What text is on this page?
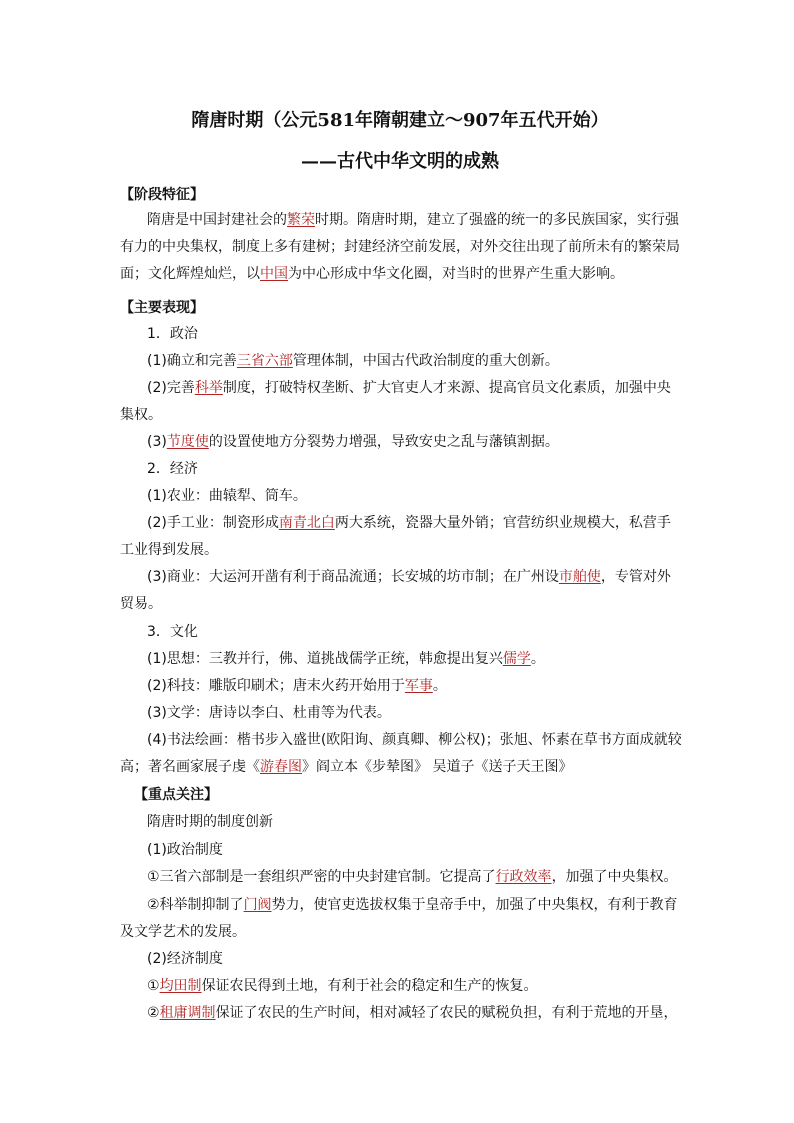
隋唐时期（公元581年隋朝建立～907年五代开始）
——古代中华文明的成熟
【阶段特征】
隋唐是中国封建社会的繁荣时期。隋唐时期，建立了强盛的统一的多民族国家，实行强
有力的中央集权，制度上多有建树；封建经济空前发展，对外交往出现了前所未有的繁荣局
面；文化辉煌灿烂，以中国为中心形成中华文化圈，对当时的世界产生重大影响。
【主要表现】
1．政治
(1)确立和完善三省六部管理体制，中国古代政治制度的重大创新。
(2)完善科举制度，打破特权垄断、扩大官吏人才来源、提高官员文化素质，加强中央
集权。
(3)节度使的设置使地方分裂势力增强，导致安史之乱与藩镇割据。
2．经济
(1)农业：曲辕犁、筒车。
(2)手工业：制瓷形成南青北白两大系统，瓷器大量外销；官营纺织业规模大，私营手
工业得到发展。
(3)商业：大运河开凿有利于商品流通；长安城的坊市制；在广州设市舶使，专管对外
贸易。
3．文化
(1)思想：三教并行，佛、道挑战儒学正统，韩愈提出复兴儒学。
(2)科技：雕版印刷术；唐末火药开始用于军事。
(3)文学：唐诗以李白、杜甫等为代表。
(4)书法绘画：楷书步入盛世(欧阳询、颜真卿、柳公权)；张旭、怀素在草书方面成就较
高；著名画家展子虔《游春图》阎立本《步辇图》 吴道子《送子天王图》
【重点关注】
隋唐时期的制度创新
(1)政治制度
①三省六部制是一套组织严密的中央封建官制。它提高了行政效率，加强了中央集权。
②科举制抑制了门阀势力，使官吏选拔权集于皇帝手中，加强了中央集权，有利于教育
及文学艺术的发展。
(2)经济制度
①均田制保证农民得到土地，有利于社会的稳定和生产的恢复。
②租庸调制保证了农民的生产时间，相对减轻了农民的赋税负担，有利于荒地的开垦，
